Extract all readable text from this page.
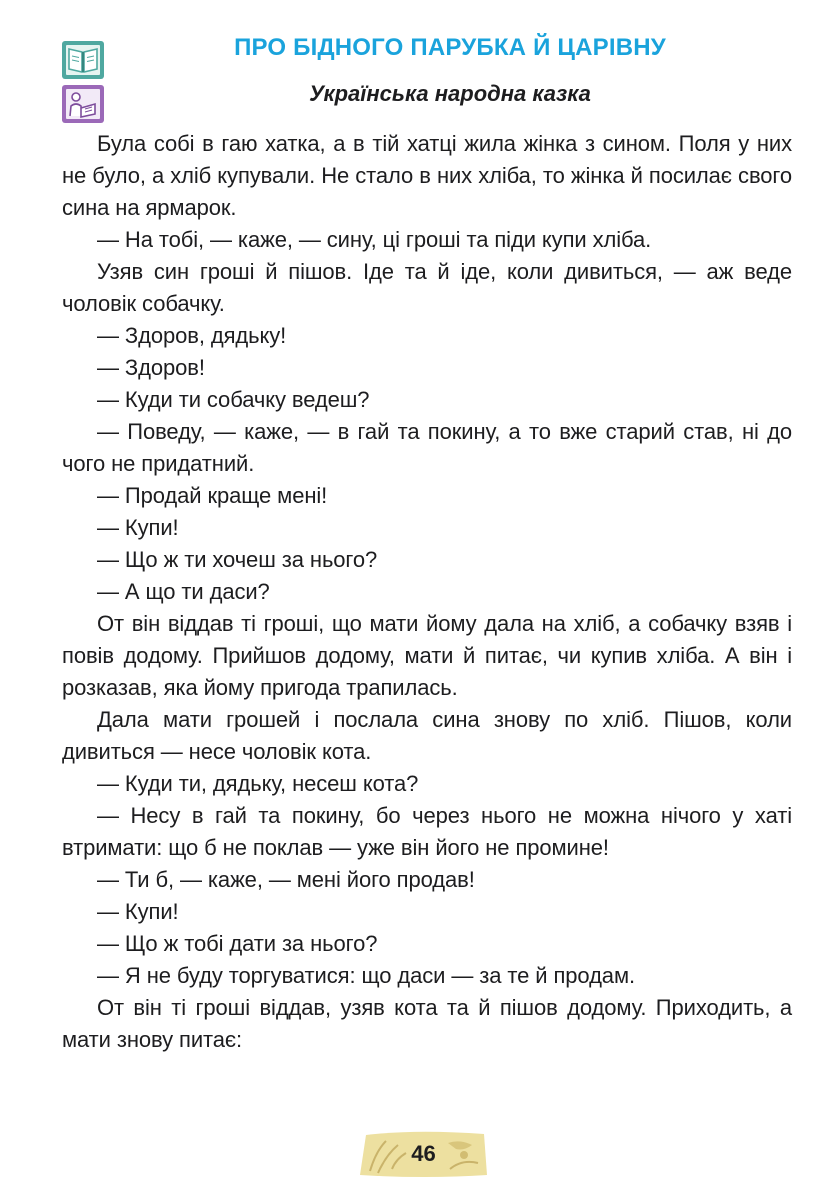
ПРО БІДНОГО ПАРУБКА Й ЦАРІВНУ
Українська народна казка

Була собі в гаю хатка, а в тій хатці жила жінка з сином. Поля у них не було, а хліб купували. Не стало в них хліба, то жінка й посилає свого сина на ярмарок.

— На тобі, — каже, — сину, ці гроші та піди купи хліба.

Узяв син гроші й пішов. Іде та й іде, коли дивиться, — аж веде чоловік собачку.

— Здоров, дядьку!

— Здоров!

— Куди ти собачку ведеш?

— Поведу, — каже, — в гай та покину, а то вже старий став, ні до чого не придатний.

— Продай краще мені!

— Купи!

— Що ж ти хочеш за нього?

— А що ти даси?

От він віддав ті гроші, що мати йому дала на хліб, а собачку взяв і повів додому. Прийшов додому, мати й питає, чи купив хліба. А він і розказав, яка йому пригода трапилась.

Дала мати грошей і послала сина знову по хліб. Пішов, коли дивиться — несе чоловік кота.

— Куди ти, дядьку, несеш кота?

— Несу в гай та покину, бо через нього не можна нічого у хаті втримати: що б не поклав — уже він його не промине!

— Ти б, — каже, — мені його продав!

— Купи!

— Що ж тобі дати за нього?

— Я не буду торгуватися: що даси — за те й продам.

От він ті гроші віддав, узяв кота та й пішов додому. Приходить, а мати знову питає:

46
